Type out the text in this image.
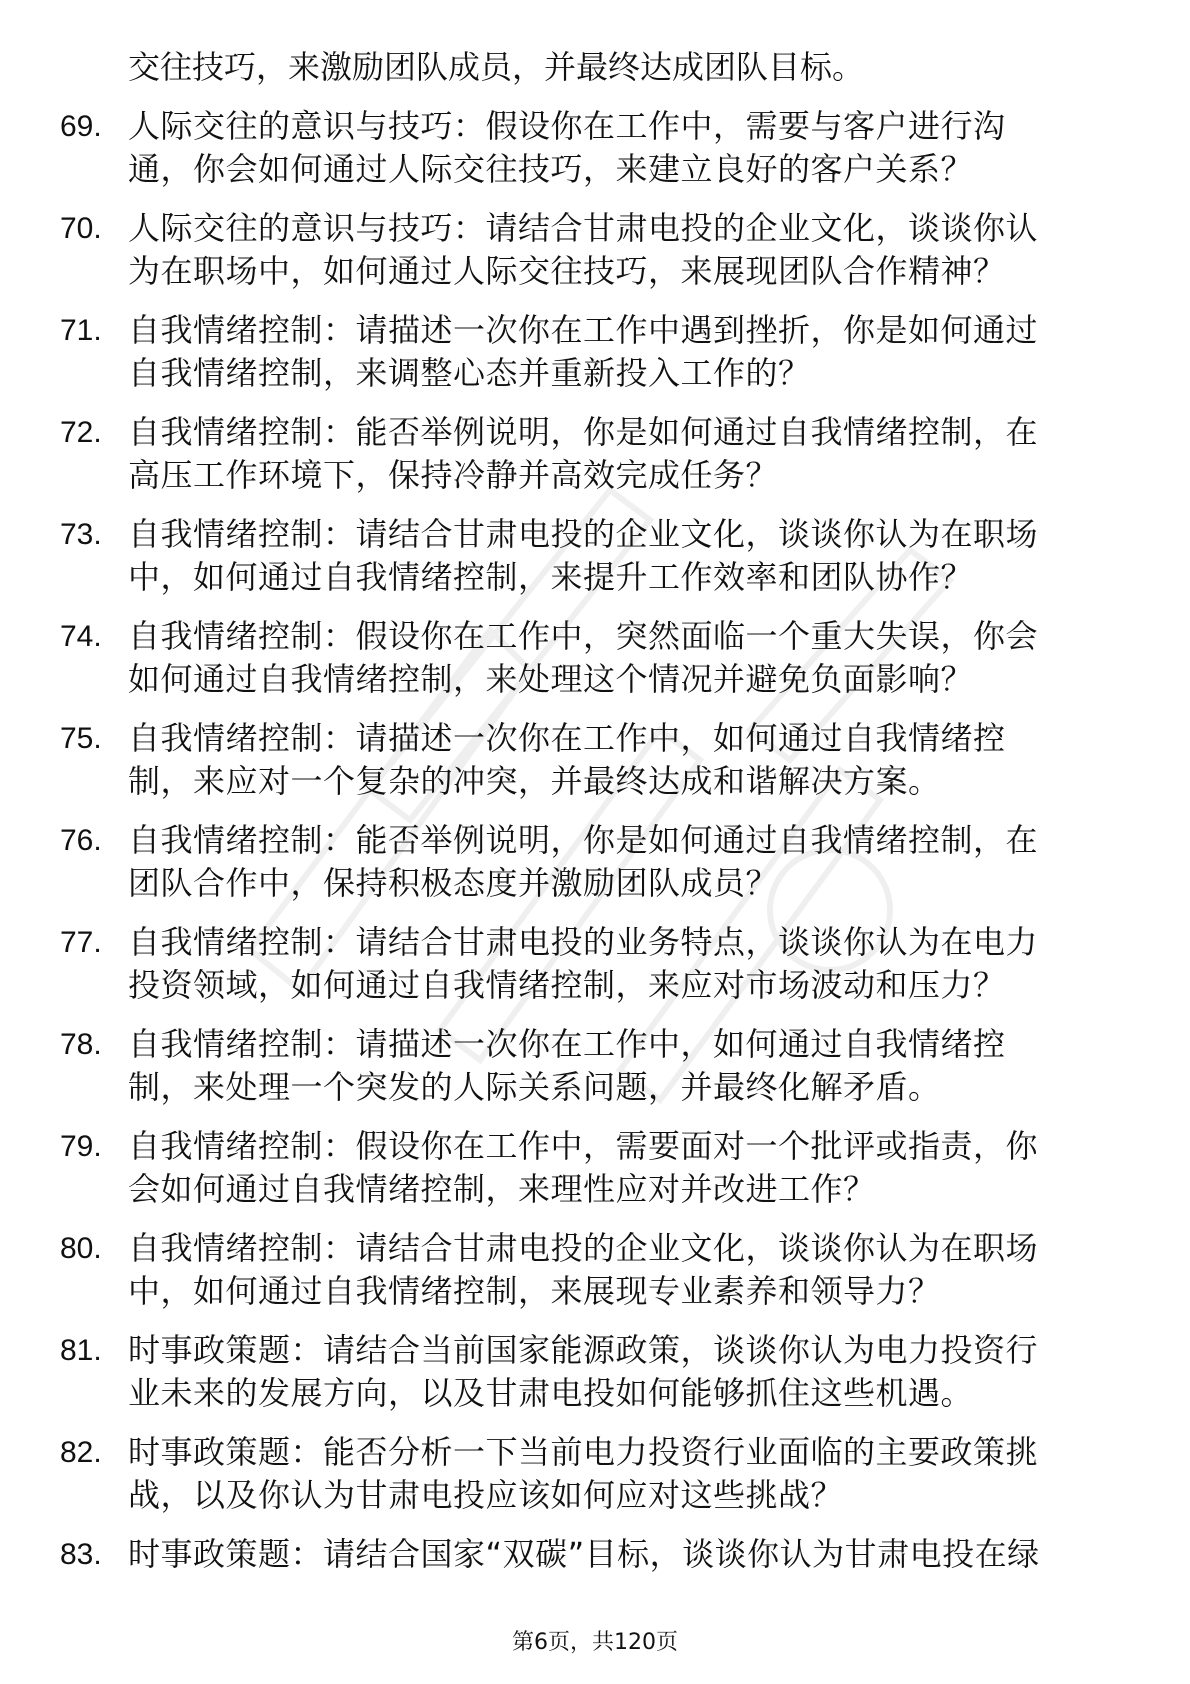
交往技巧，来激励团队成员，并最终达成团队目标。
69. 人际交往的意识与技巧：假设你在工作中，需要与客户进行沟
通，你会如何通过人际交往技巧，来建立良好的客户关系？
70. 人际交往的意识与技巧：请结合甘肃电投的企业文化，谈谈你认
为在职场中，如何通过人际交往技巧，来展现团队合作精神？
71. 自我情绪控制：请描述一次你在工作中遇到挫折，你是如何通过
自我情绪控制，来调整心态并重新投入工作的？
72. 自我情绪控制：能否举例说明，你是如何通过自我情绪控制，在
高压工作环境下，保持冷静并高效完成任务？
73. 自我情绪控制：请结合甘肃电投的企业文化，谈谈你认为在职场
中，如何通过自我情绪控制，来提升工作效率和团队协作？
74. 自我情绪控制：假设你在工作中，突然面临一个重大失误，你会
如何通过自我情绪控制，来处理这个情况并避免负面影响？
75. 自我情绪控制：请描述一次你在工作中，如何通过自我情绪控
制，来应对一个复杂的冲突，并最终达成和谐解决方案。
76. 自我情绪控制：能否举例说明，你是如何通过自我情绪控制，在
团队合作中，保持积极态度并激励团队成员？
77. 自我情绪控制：请结合甘肃电投的业务特点，谈谈你认为在电力
投资领域，如何通过自我情绪控制，来应对市场波动和压力？
78. 自我情绪控制：请描述一次你在工作中，如何通过自我情绪控
制，来处理一个突发的人际关系问题，并最终化解矛盾。
79. 自我情绪控制：假设你在工作中，需要面对一个批评或指责，你
会如何通过自我情绪控制，来理性应对并改进工作？
80. 自我情绪控制：请结合甘肃电投的企业文化，谈谈你认为在职场
中，如何通过自我情绪控制，来展现专业素养和领导力？
81. 时事政策题：请结合当前国家能源政策，谈谈你认为电力投资行
业未来的发展方向，以及甘肃电投如何能够抓住这些机遇。
82. 时事政策题：能否分析一下当前电力投资行业面临的主要政策挑
战，以及你认为甘肃电投应该如何应对这些挑战？
83. 时事政策题：请结合国家“双碳”目标，谈谈你认为甘肃电投在绿
第6页，共120页
